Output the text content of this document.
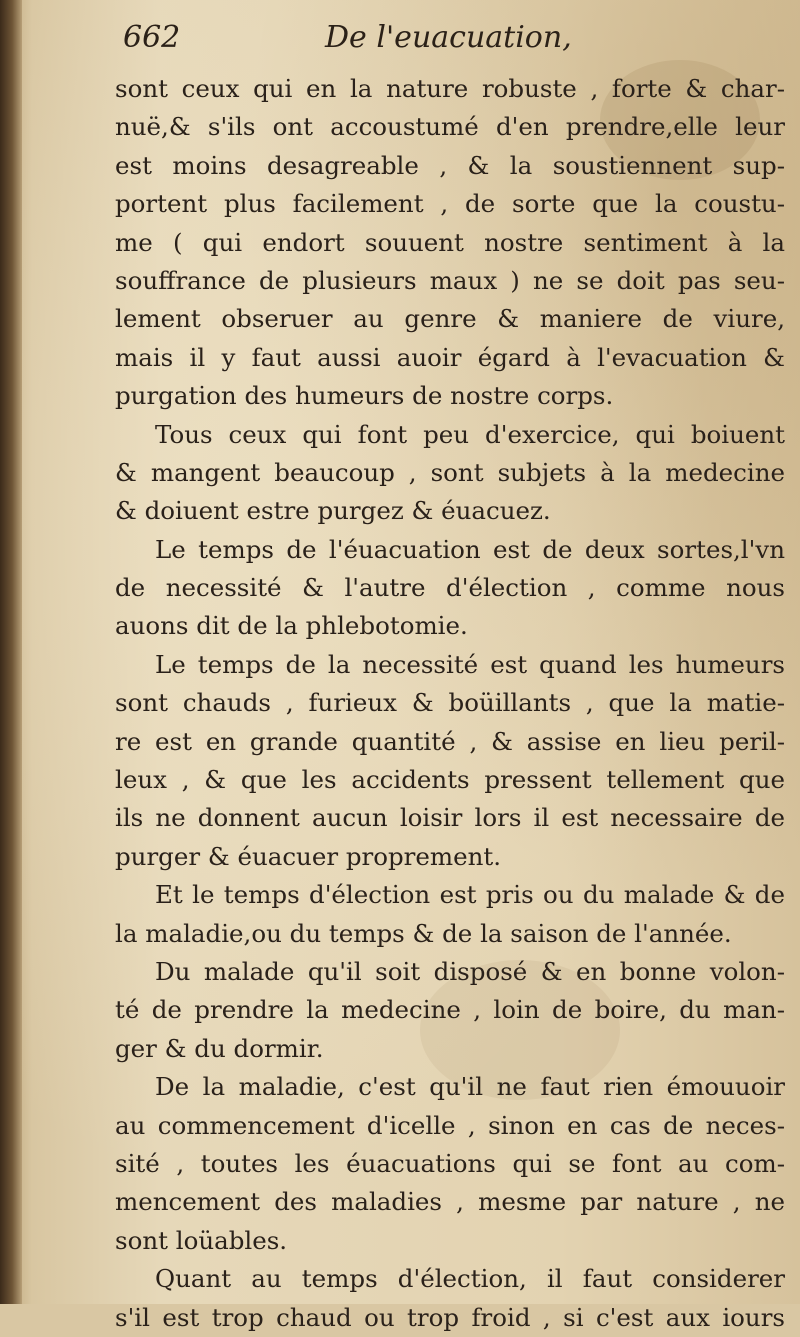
662	De l'euacuation,
sont ceux qui en la nature robuste , forte & char-
nuë,& s'ils ont accoustumé d'en prendre,elle leur
est moins desagreable , & la soustiennent sup-
portent plus facilement , de sorte que la coustu-
me ( qui endort souuent nostre sentiment à la
souffrance de plusieurs maux ) ne se doit pas seu-
lement obseruer au genre & maniere de viure,
mais il y faut aussi auoir égard à l'evacuation &
purgation des humeurs de nostre corps.
Tous ceux qui font peu d'exercice, qui boiuent
& mangent beaucoup , sont subjets à la medecine
& doiuent estre purgez & éuacuez.
Le temps de l'éuacuation est de deux sortes,l'vn
de necessité & l'autre d'élection , comme nous
auons dit de la phlebotomie.
Le temps de la necessité est quand les humeurs
sont chauds , furieux & boüillants , que la matie-
re est en grande quantité , & assise en lieu peril-
leux , & que les accidents pressent tellement que
ils ne donnent aucun loisir lors il est necessaire de
purger & éuacuer proprement.
Et le temps d'élection est pris ou du malade & de
la maladie,ou du temps & de la saison de l'année.
Du malade qu'il soit disposé & en bonne volon-
té de prendre la medecine , loin de boire, du man-
ger & du dormir.
De la maladie, c'est qu'il ne faut rien émouuoir
au commencement d'icelle , sinon en cas de neces-
sité , toutes les éuacuations qui se font au com-
mencement des maladies , mesme par nature , ne
sont loüables.
Quant au temps d'élection, il faut considerer
s'il est trop chaud ou trop froid , si c'est aux iours
